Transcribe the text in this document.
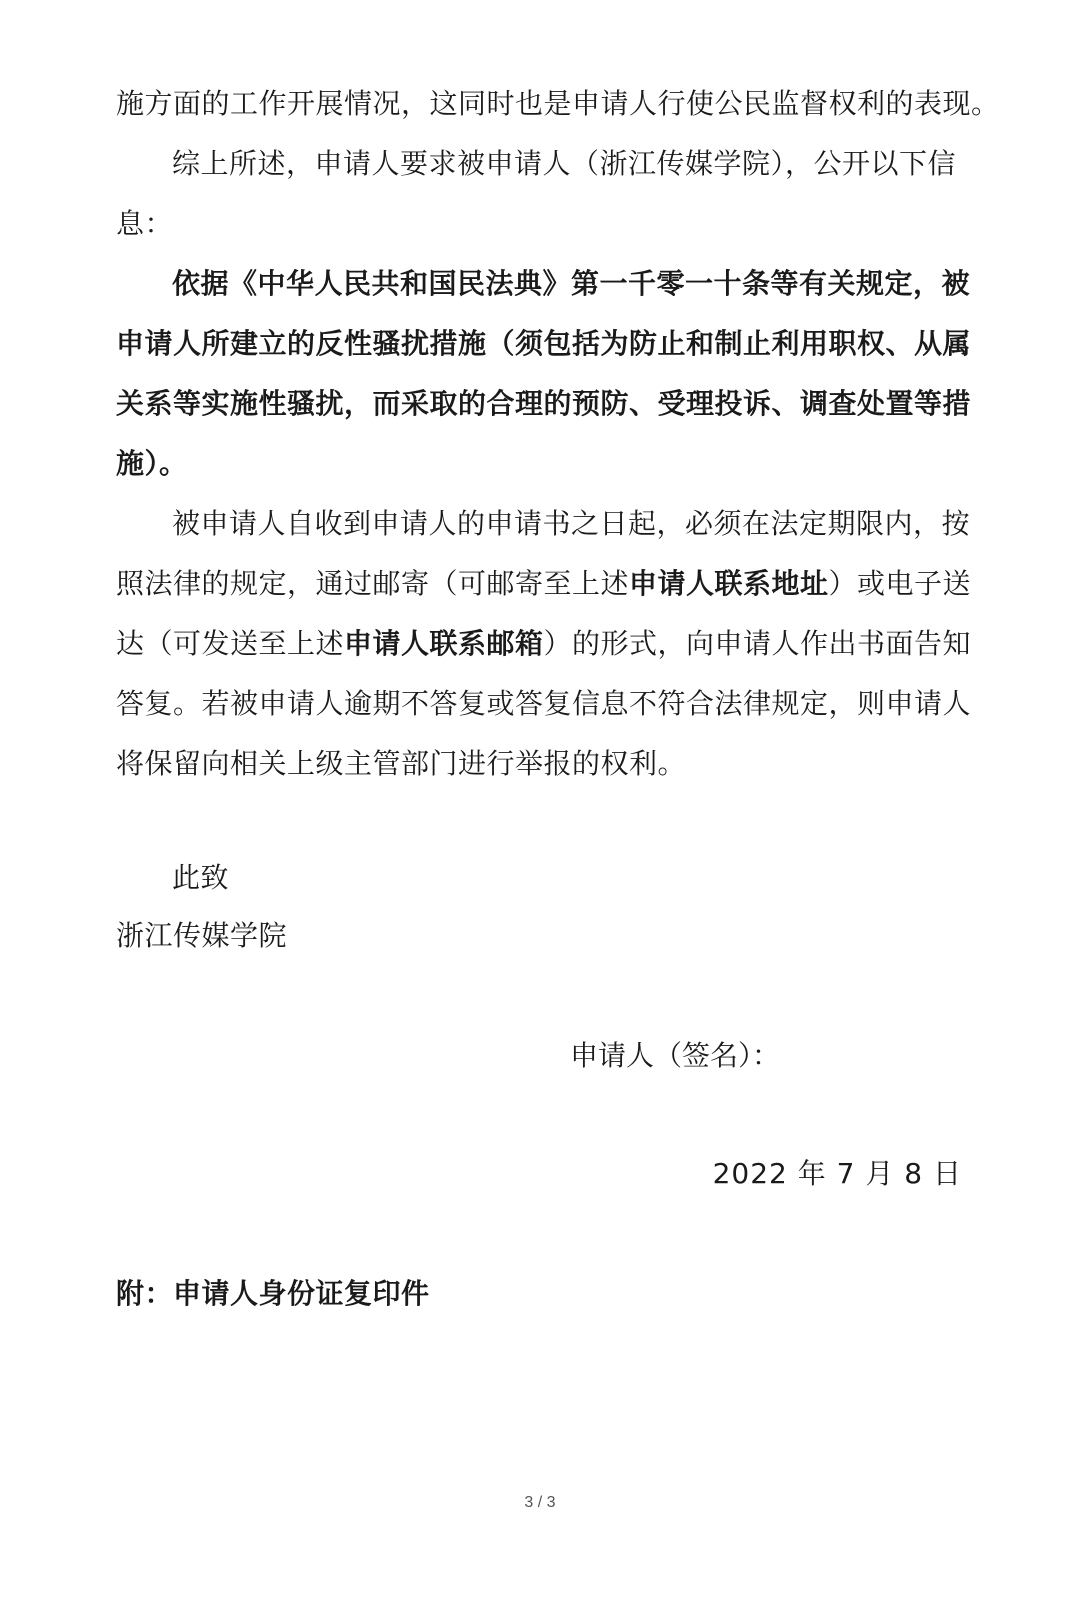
施方面的工作开展情况，这同时也是申请人行使公民监督权利的表现。
综上所述，申请人要求被申请人（浙江传媒学院），公开以下信
息：
依据《中华人民共和国民法典》第一千零一十条等有关规定，被
申请人所建立的反性骚扰措施（须包括为防止和制止利用职权、从属
关系等实施性骚扰，而采取的合理的预防、受理投诉、调查处置等措
施）。
被申请人自收到申请人的申请书之日起，必须在法定期限内，按
照法律的规定，通过邮寄（可邮寄至上述申请人联系地址）或电子送
达（可发送至上述申请人联系邮箱）的形式，向申请人作出书面告知
答复。若被申请人逾期不答复或答复信息不符合法律规定，则申请人
将保留向相关上级主管部门进行举报的权利。
此致
浙江传媒学院
申请人（签名）：
2022 年 7 月 8 日
附：申请人身份证复印件
3 / 3
